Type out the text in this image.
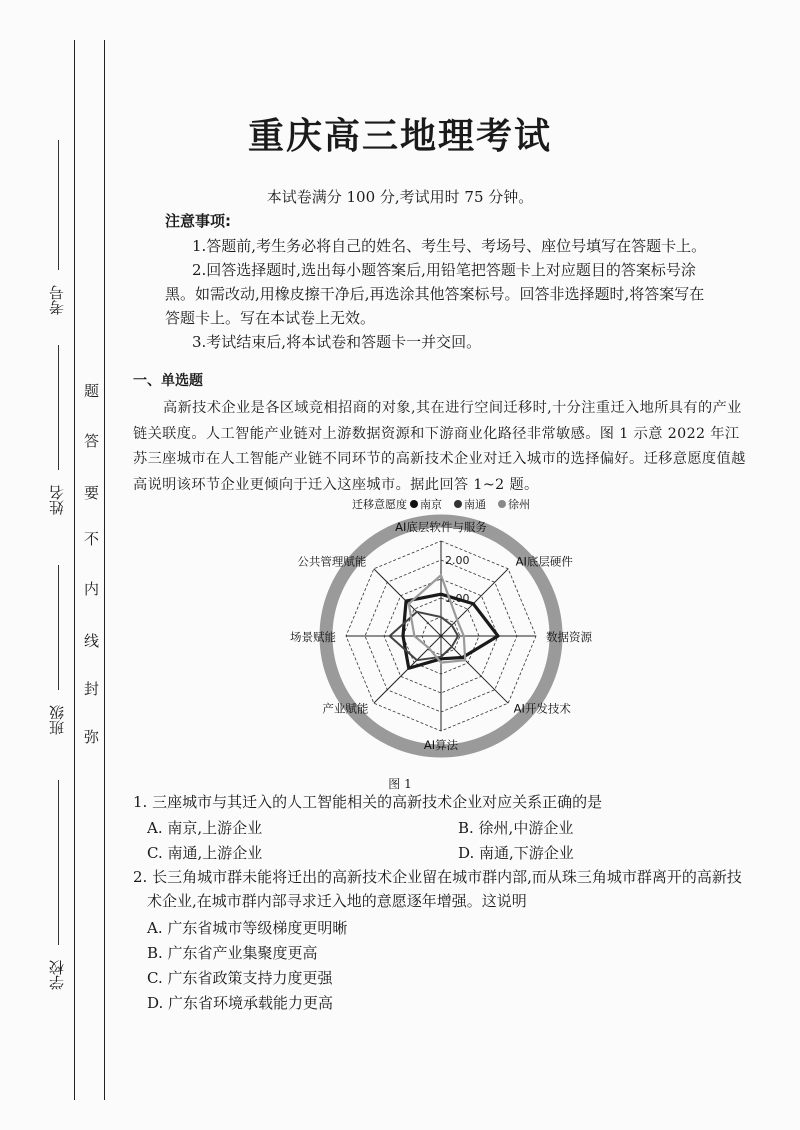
考号
姓名
班级
学校
题
答
要
不
内
线
封
弥
重庆高三地理考试
本试卷满分 100 分,考试用时 75 分钟。
注意事项:
1.答题前,考生务必将自己的姓名、考生号、考场号、座位号填写在答题卡上。
2.回答选择题时,选出每小题答案后,用铅笔把答题卡上对应题目的答案标号涂
黑。如需改动,用橡皮擦干净后,再选涂其他答案标号。回答非选择题时,将答案写在
答题卡上。写在本试卷上无效。
3.考试结束后,将本试卷和答题卡一并交回。
一、单选题
高新技术企业是各区域竞相招商的对象,其在进行空间迁移时,十分注重迁入地所具有的产业链关联度。人工智能产业链对上游数据资源和下游商业化路径非常敏感。图 1 示意 2022 年江苏三座城市在人工智能产业链不同环节的高新技术企业对迁入城市的选择偏好。迁移意愿度值越高说明该环节企业更倾向于迁入这座城市。据此回答 1~2 题。
1.00
2.00
AI底层软件与服务
AI底层硬件
数据资源
AI开发技术
AI算法
产业赋能
场景赋能
公共管理赋能
迁移意愿度 南京 南通 徐州
图 1
1. 三座城市与其迁入的人工智能相关的高新技术企业对应关系正确的是
A. 南京,上游企业	B. 徐州,中游企业
C. 南通,上游企业	D. 南通,下游企业
2. 长三角城市群未能将迁出的高新技术企业留在城市群内部,而从珠三角城市群离开的高新技
术企业,在城市群内部寻求迁入地的意愿逐年增强。这说明
A. 广东省城市等级梯度更明晰
B. 广东省产业集聚度更高
C. 广东省政策支持力度更强
D. 广东省环境承载能力更高
